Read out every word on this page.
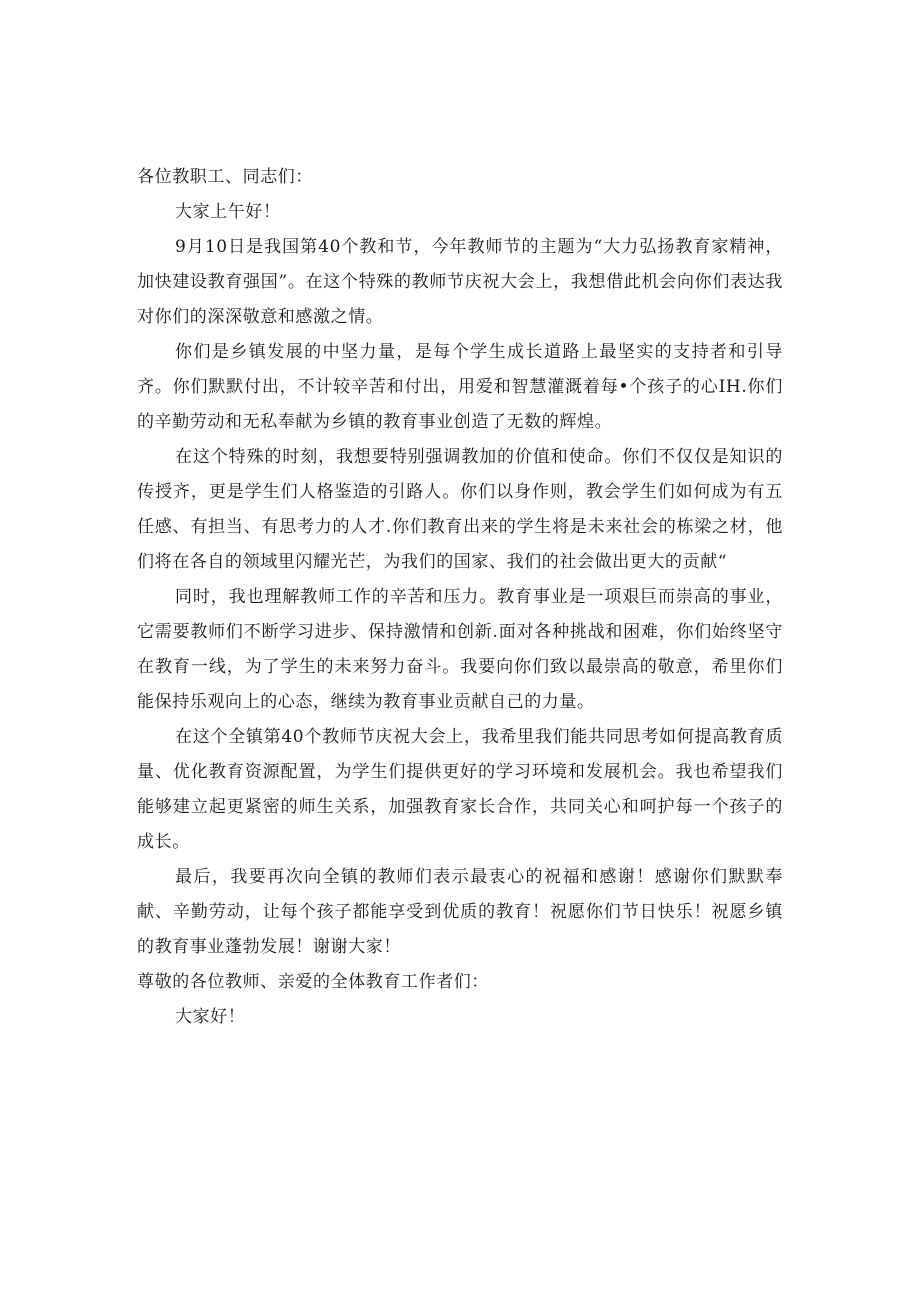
各位教职工、同志们：

大家上午好！

9月10日是我国第40个教和节，今年教师节的主题为“大力弘扬教育家精神，加快建设教育强国”。在这个特殊的教师节庆祝大会上，我想借此机会向你们表达我对你们的深深敬意和感激之情。

你们是乡镇发展的中坚力量，是每个学生成长道路上最坚实的支持者和引导齐。你们默默付出，不计较辛苦和付出，用爱和智慧灌溉着每•个孩子的心IH.你们的辛勤劳动和无私奉献为乡镇的教育事业创造了无数的辉煌。

在这个特殊的时刻，我想要特别强调教加的价值和使命。你们不仅仅是知识的传授齐，更是学生们人格鉴造的引路人。你们以身作则，教会学生们如何成为有五任感、有担当、有思考力的人才.你们教育出来的学生将是未来社会的栋梁之材，他们将在各自的领域里闪耀光芒，为我们的国家、我们的社会做出更大的贡献“

同时，我也理解教师工作的辛苦和压力。教育事业是一项艰巨而崇高的事业，它需要教师们不断学习进步、保持激情和创新.面对各种挑战和困难，你们始终坚守在教育一线，为了学生的未来努力奋斗。我要向你们致以最崇高的敬意，希里你们能保持乐观向上的心态，继续为教育事业贡献自己的力量。

在这个全镇第40个教师节庆祝大会上，我希里我们能共同思考如何提高教育质量、优化教育资源配置，为学生们提供更好的学习环境和发展机会。我也希望我们能够建立起更紧密的师生关系，加强教育家长合作，共同关心和呵护每一个孩子的成长。

最后，我要再次向全镇的教师们表示最衷心的祝福和感谢！感谢你们默默奉献、辛勤劳动，让每个孩子都能享受到优质的教育！祝愿你们节日快乐！祝愿乡镇的教育事业蓬勃发展！谢谢大家！

尊敬的各位教师、亲爱的全体教育工作者们：

大家好！
